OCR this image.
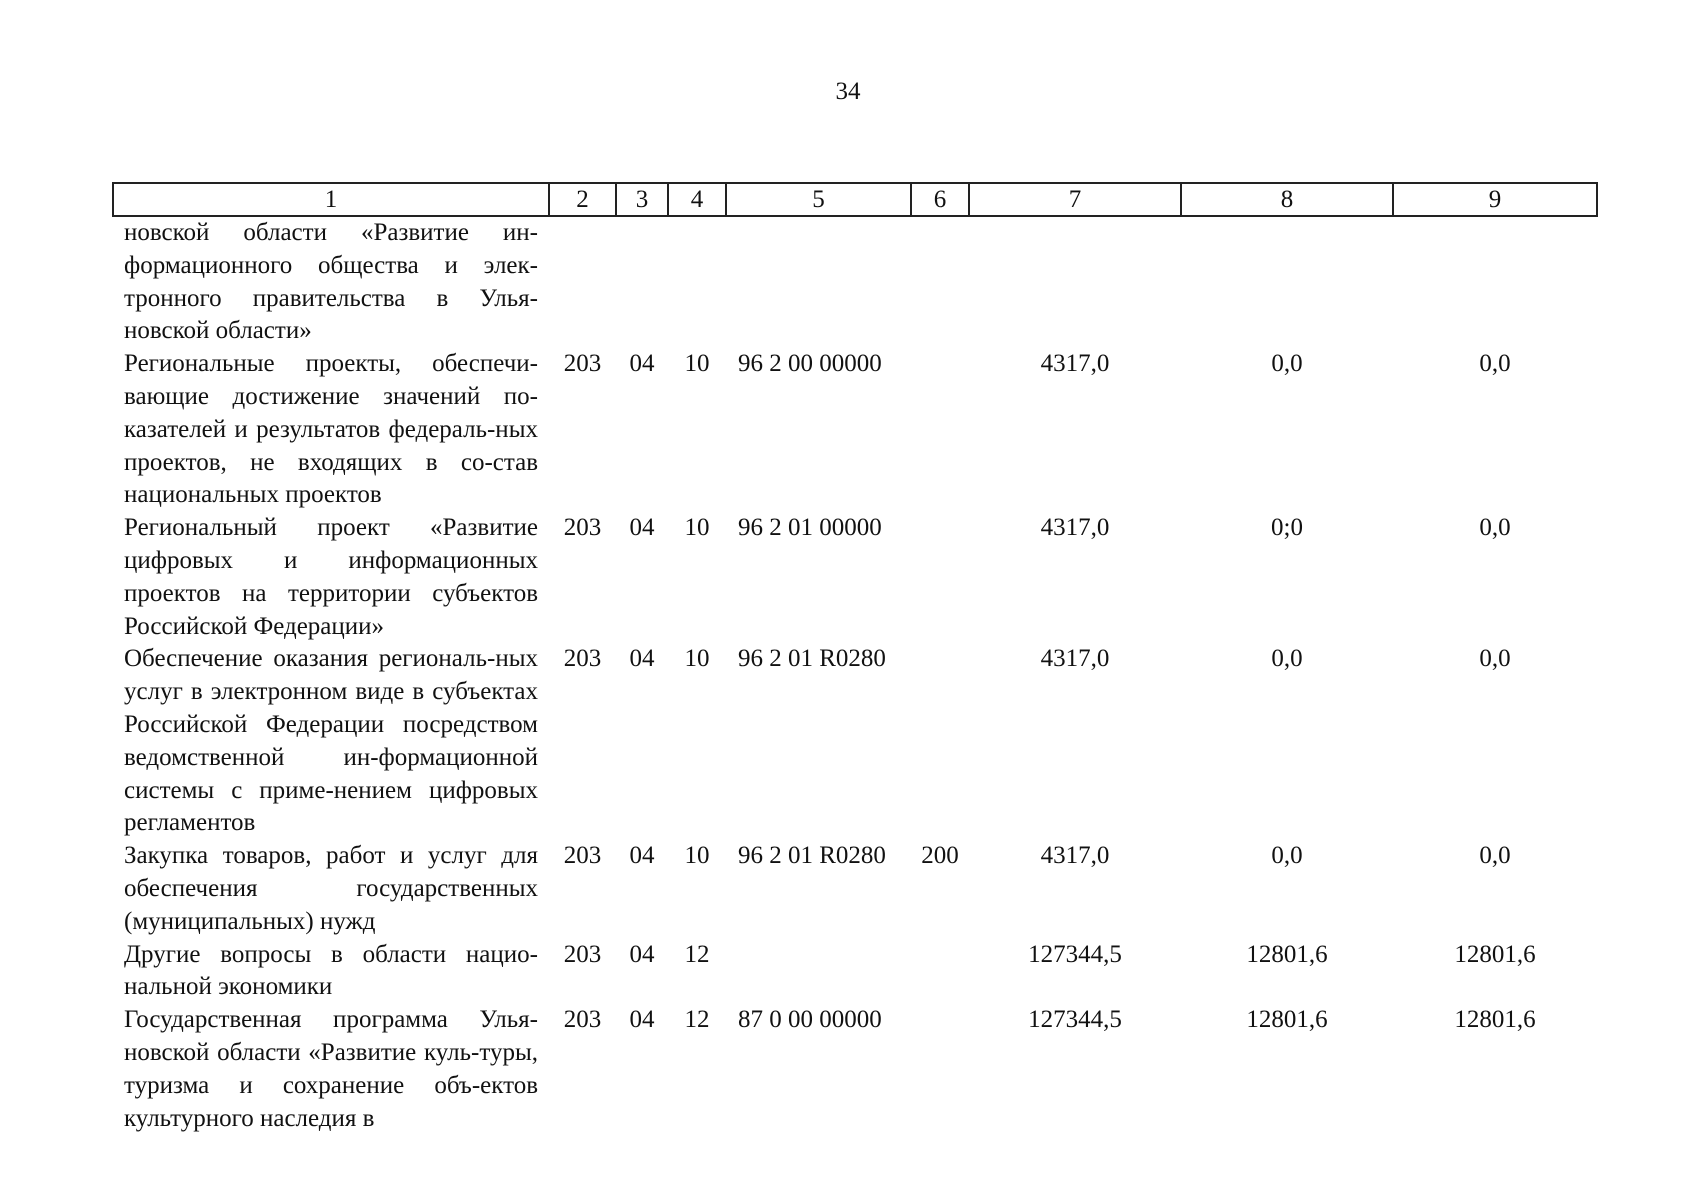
34
1	2	3	4	5	6	7	8	9
новской области «Развитие ин-формационного общества и элек-тронного правительства в Улья-новской области»								
Региональные проекты, обеспечи-вающие достижение значений по-казателей и результатов федераль-ных проектов, не входящих в со-став национальных проектов	203	04	10	96 2 00 00000		4317,0	0,0	0,0
Региональный проект «Развитие цифровых и информационных проектов на территории субъектов Российской Федерации»	203	04	10	96 2 01 00000		4317,0	0;0	0,0
Обеспечение оказания региональ-ных услуг в электронном виде в субъектах Российской Федерации посредством ведомственной ин-формационной системы с приме-нением цифровых регламентов	203	04	10	96 2 01 R0280		4317,0	0,0	0,0
Закупка товаров, работ и услуг для обеспечения государственных (муниципальных) нужд	203	04	10	96 2 01 R0280	200	4317,0	0,0	0,0
Другие вопросы в области нацио-нальной экономики	203	04	12			127344,5	12801,6	12801,6
Государственная программа Улья-новской области «Развитие куль-туры, туризма и сохранение объ-ектов культурного наследия в	203	04	12	87 0 00 00000		127344,5	12801,6	12801,6
